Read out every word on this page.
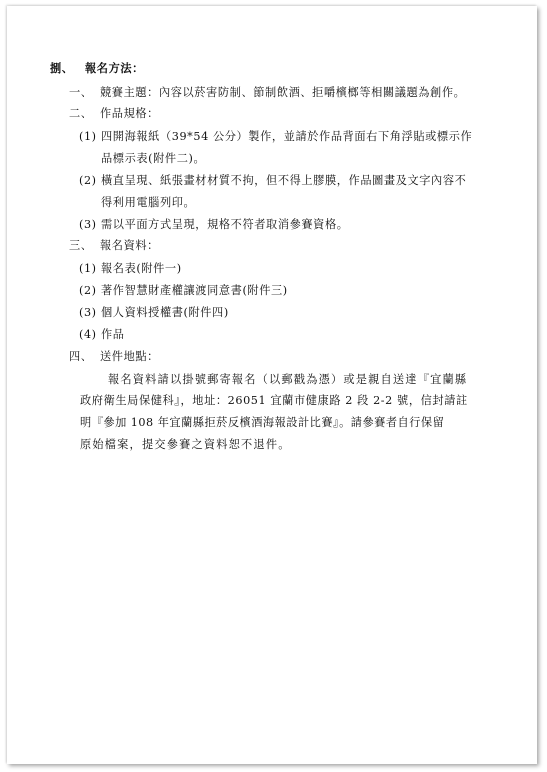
捌、 報名方法：
一、 競賽主題：內容以菸害防制、節制飲酒、拒嚼檳榔等相關議題為創作。
二、 作品規格：
(1) 四開海報紙（39*54 公分）製作，並請於作品背面右下角浮貼或標示作
品標示表(附件二)。
(2) 橫直呈現、紙張畫材材質不拘，但不得上膠膜，作品圖畫及文字內容不
得利用電腦列印。
(3) 需以平面方式呈現，規格不符者取消參賽資格。
三、 報名資料：
(1) 報名表(附件一)
(2) 著作智慧財產權讓渡同意書(附件三)
(3) 個人資料授權書(附件四)
(4) 作品
四、 送件地點：
報名資料請以掛號郵寄報名（以郵戳為憑）或是親自送達『宜蘭縣
政府衛生局保健科』，地址：26051 宜蘭市健康路 2 段 2-2 號，信封請註
明『參加 108 年宜蘭縣拒菸反檳酒海報設計比賽』。請參賽者自行保留
原始檔案，提交參賽之資料恕不退件。
